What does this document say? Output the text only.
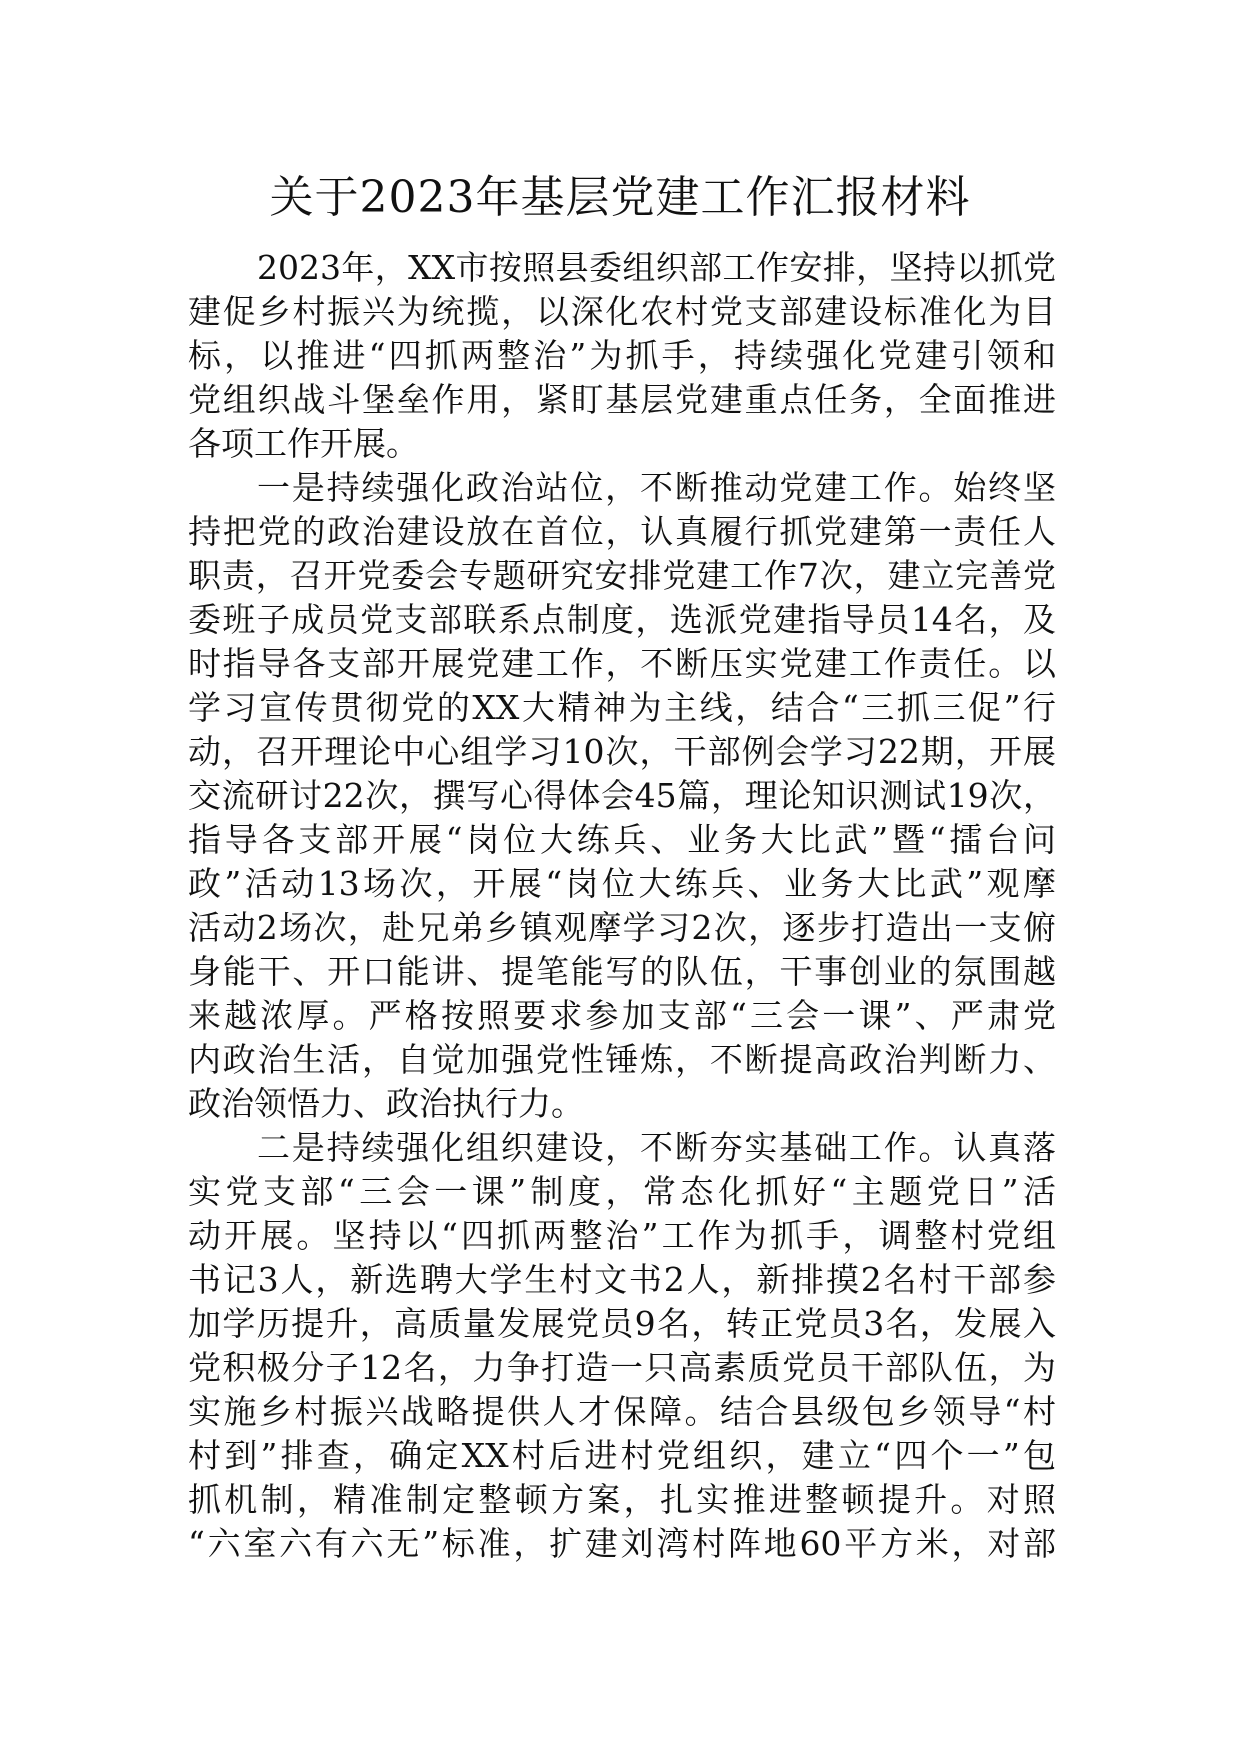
关于2023年基层党建工作汇报材料
2023年，XX市按照县委组织部工作安排，坚持以抓党
建促乡村振兴为统揽，以深化农村党支部建设标准化为目
标，以推进“四抓两整治”为抓手，持续强化党建引领和
党组织战斗堡垒作用，紧盯基层党建重点任务，全面推进
各项工作开展。
一是持续强化政治站位，不断推动党建工作。始终坚
持把党的政治建设放在首位，认真履行抓党建第一责任人
职责，召开党委会专题研究安排党建工作7次，建立完善党
委班子成员党支部联系点制度，选派党建指导员14名，及
时指导各支部开展党建工作，不断压实党建工作责任。以
学习宣传贯彻党的XX大精神为主线，结合“三抓三促”行
动，召开理论中心组学习10次，干部例会学习22期，开展
交流研讨22次，撰写心得体会45篇，理论知识测试19次，
指导各支部开展“岗位大练兵、业务大比武”暨“擂台问
政”活动13场次，开展“岗位大练兵、业务大比武”观摩
活动2场次，赴兄弟乡镇观摩学习2次，逐步打造出一支俯
身能干、开口能讲、提笔能写的队伍，干事创业的氛围越
来越浓厚。严格按照要求参加支部“三会一课”、严肃党
内政治生活，自觉加强党性锤炼，不断提高政治判断力、
政治领悟力、政治执行力。
二是持续强化组织建设，不断夯实基础工作。认真落
实党支部“三会一课”制度，常态化抓好“主题党日”活
动开展。坚持以“四抓两整治”工作为抓手，调整村党组
书记3人，新选聘大学生村文书2人，新排摸2名村干部参
加学历提升，高质量发展党员9名，转正党员3名，发展入
党积极分子12名，力争打造一只高素质党员干部队伍，为
实施乡村振兴战略提供人才保障。结合县级包乡领导“村
村到”排查，确定XX村后进村党组织，建立“四个一”包
抓机制，精准制定整顿方案，扎实推进整顿提升。对照
“六室六有六无”标准，扩建刘湾村阵地60平方米，对部
